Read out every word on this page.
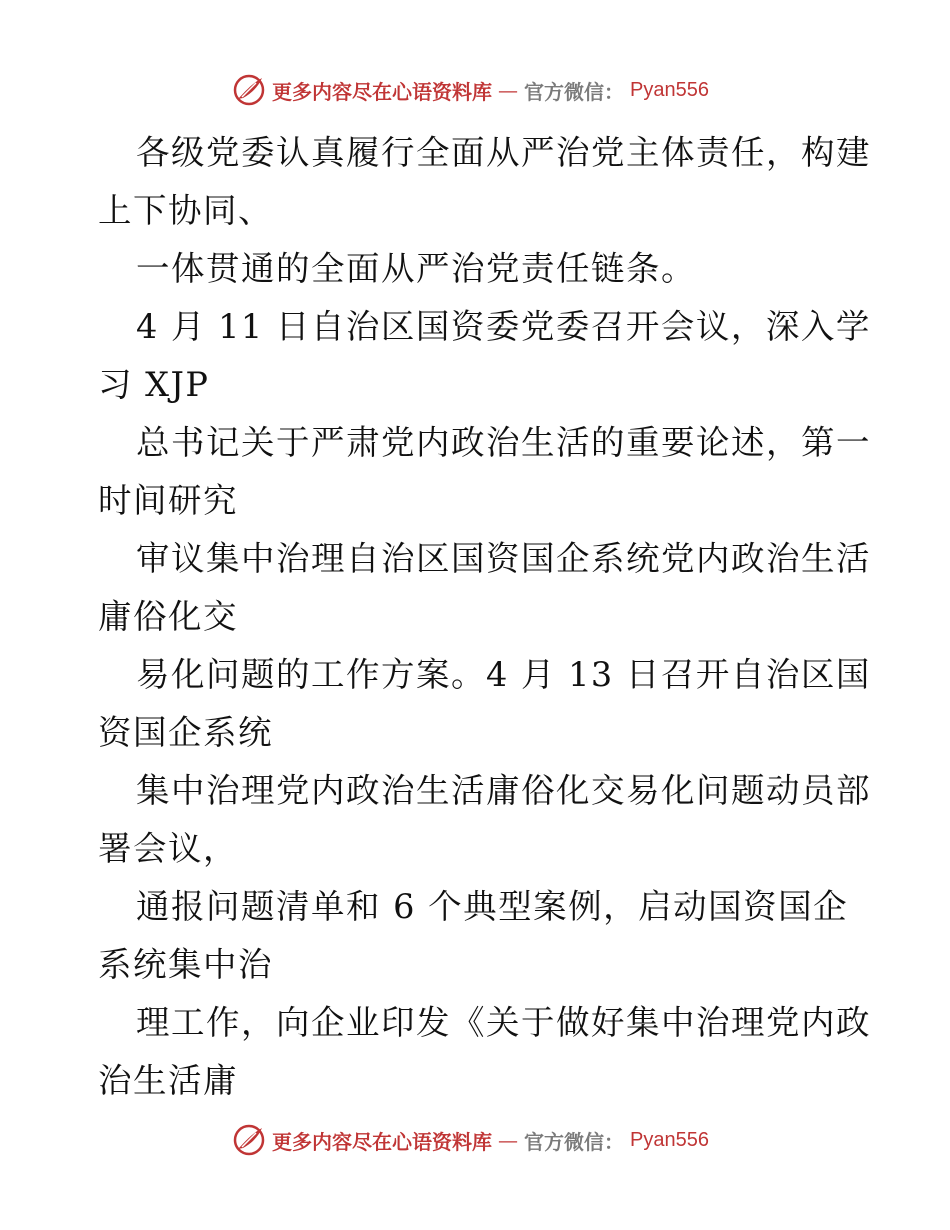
更多内容尽在心语资料库 — 官方微信： Pyan556
各级党委认真履行全面从严治党主体责任，构建
上下协同、
一体贯通的全面从严治党责任链条。
4 月 11 日自治区国资委党委召开会议，深入学
习 XJP
总书记关于严肃党内政治生活的重要论述，第一
时间研究
审议集中治理自治区国资国企系统党内政治生活
庸俗化交
易化问题的工作方案。4 月 13 日召开自治区国
资国企系统
集中治理党内政治生活庸俗化交易化问题动员部
署会议，
通报问题清单和 6 个典型案例，启动国资国企
系统集中治
理工作，向企业印发《关于做好集中治理党内政
治生活庸
更多内容尽在心语资料库 — 官方微信： Pyan556
